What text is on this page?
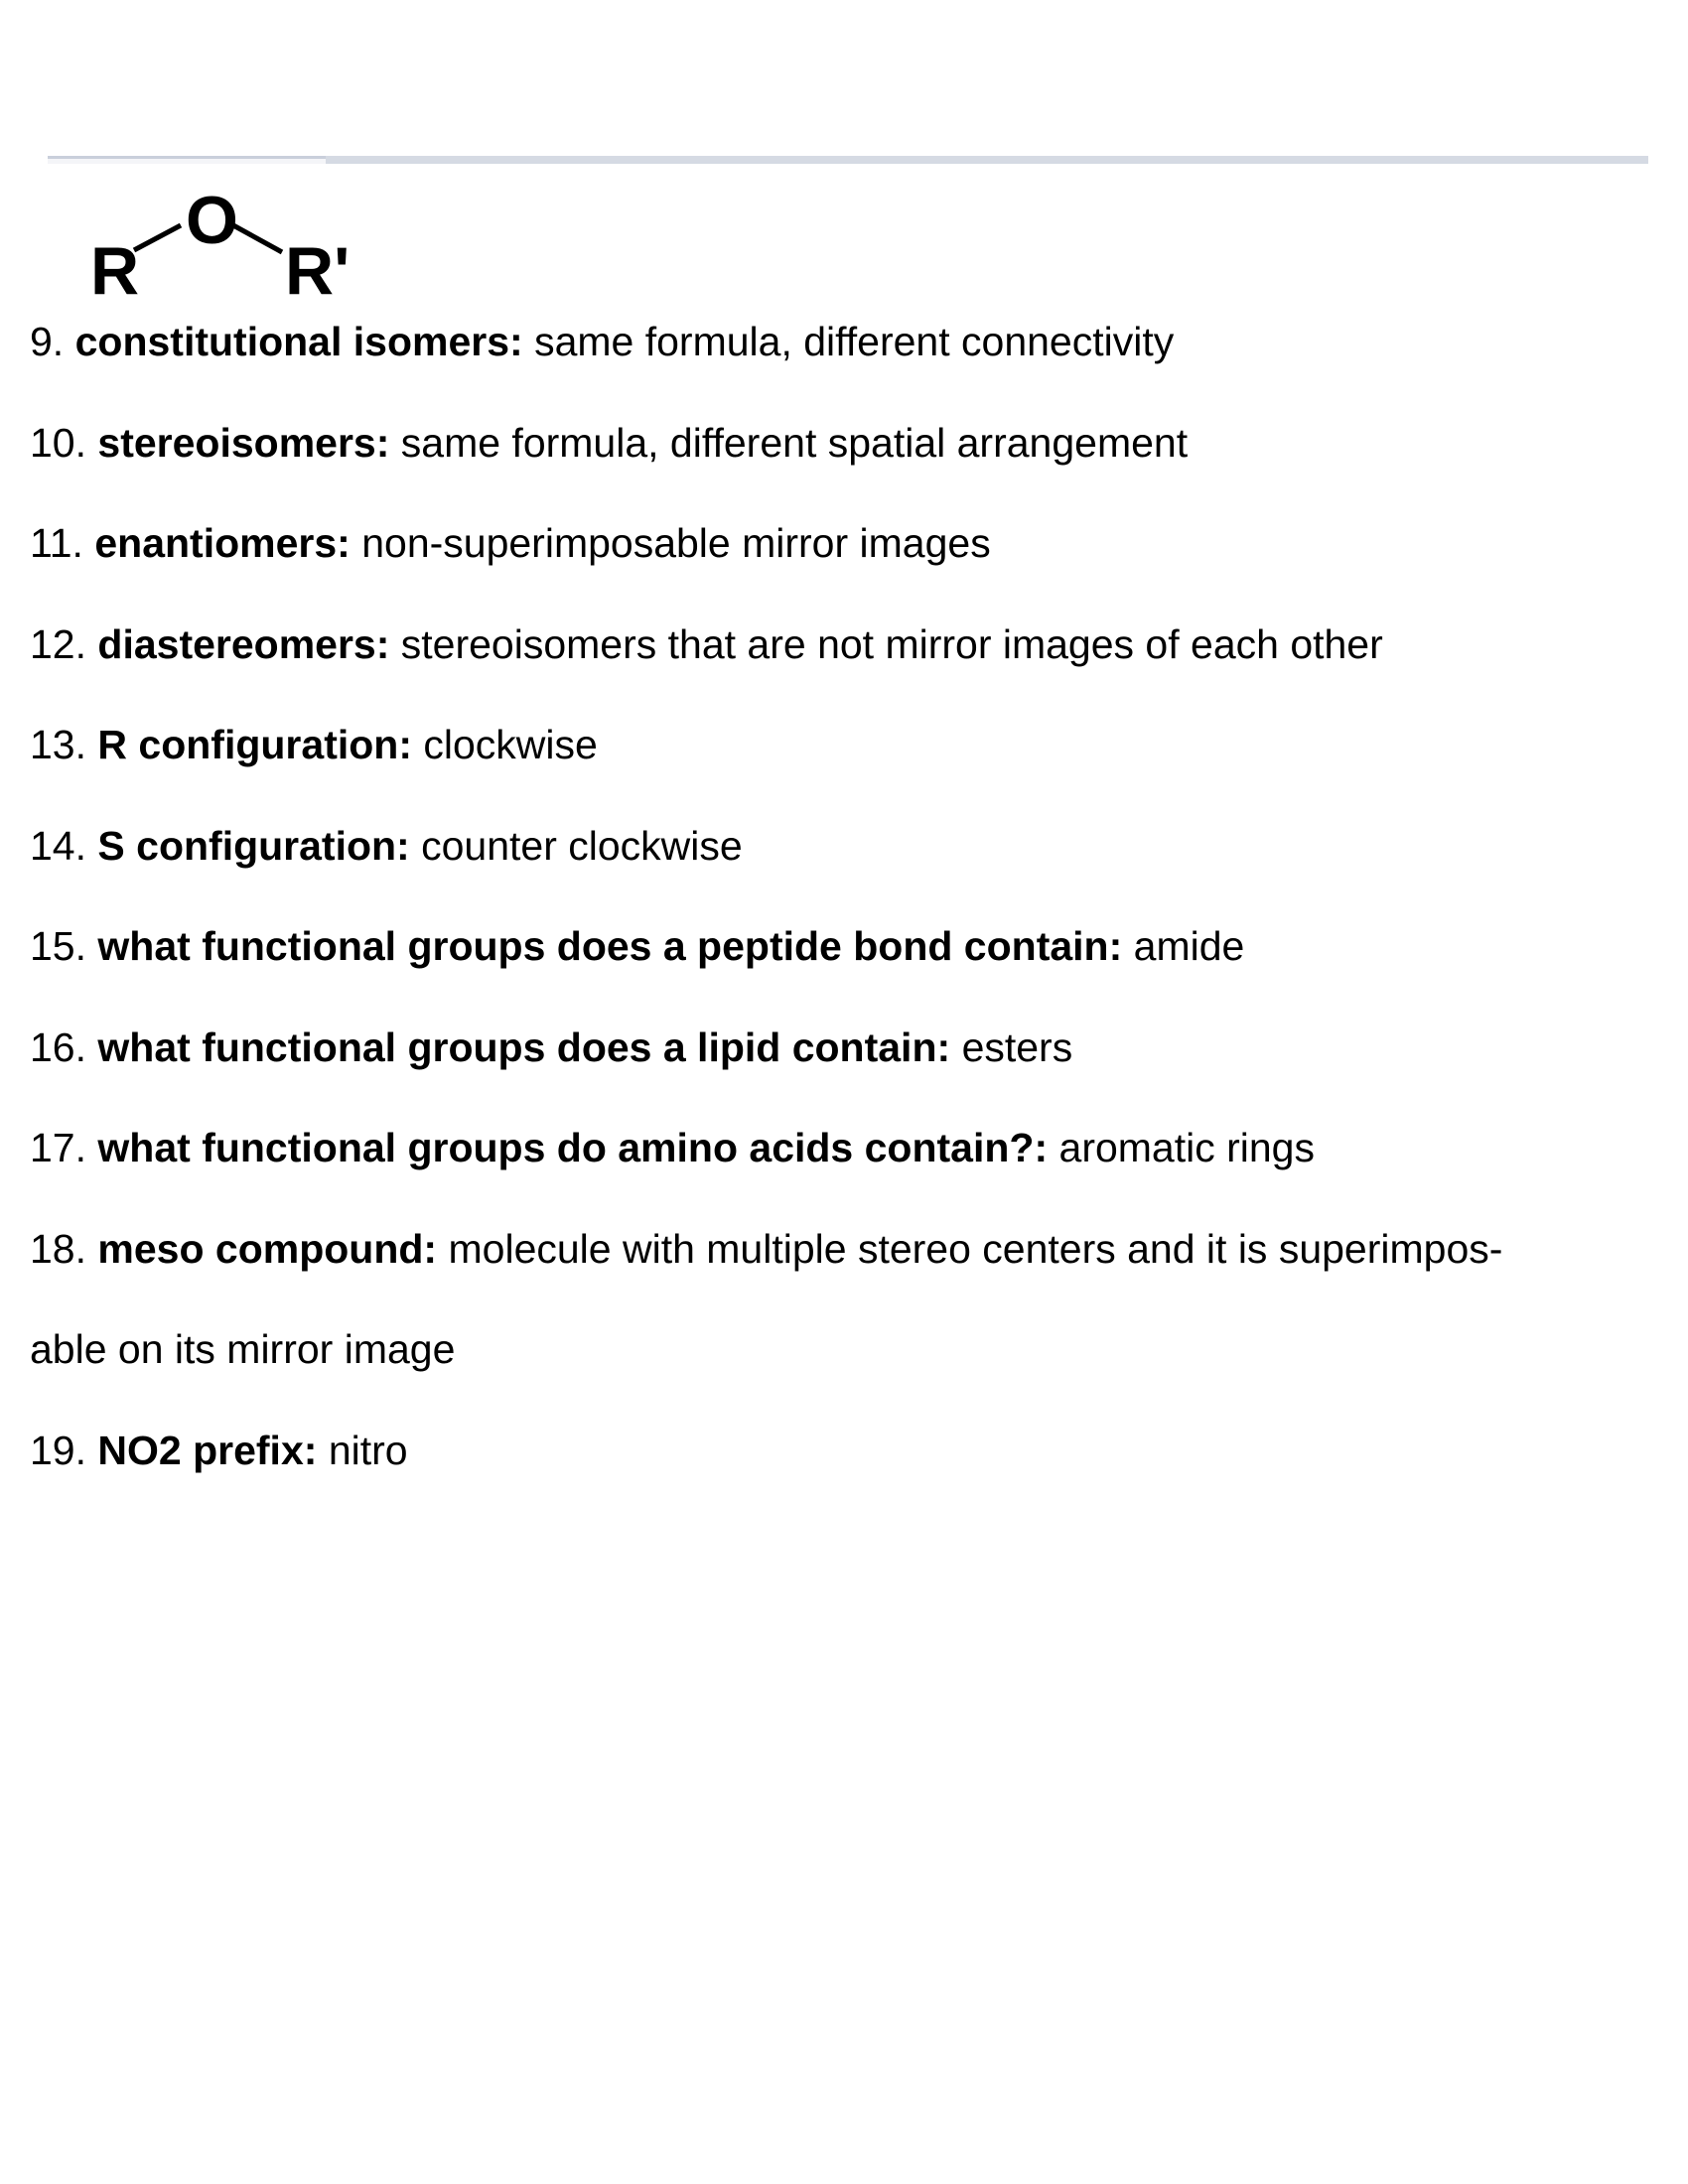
R
O
R'
9. constitutional isomers: same formula, different connectivity
10. stereoisomers: same formula, different spatial arrangement
11. enantiomers: non-superimposable mirror images
12. diastereomers: stereoisomers that are not mirror images of each other
13. R configuration: clockwise
14. S configuration: counter clockwise
15. what functional groups does a peptide bond contain: amide
16. what functional groups does a lipid contain: esters
17. what functional groups do amino acids contain?: aromatic rings
18. meso compound: molecule with multiple stereo centers and it is superimpos-
able on its mirror image
19. NO2 prefix: nitro
